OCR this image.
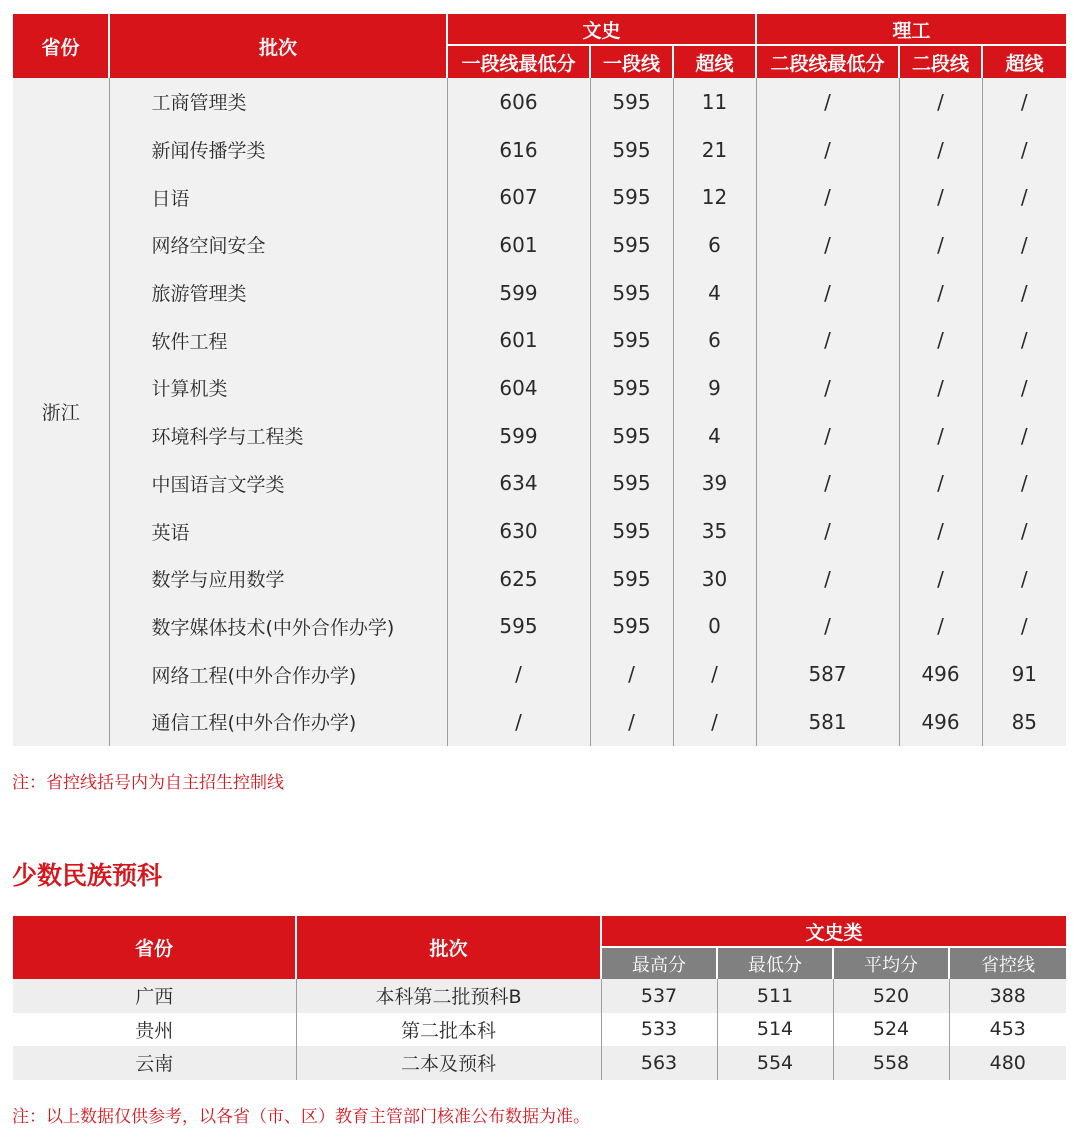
省份	批次	文史			理工		
		一段线最低分	一段线	超线	二段线最低分	二段线	超线
浙江	工商管理类	606	595	11	/	/	/
	新闻传播学类	616	595	21	/	/	/
	日语	607	595	12	/	/	/
	网络空间安全	601	595	6	/	/	/
	旅游管理类	599	595	4	/	/	/
	软件工程	601	595	6	/	/	/
	计算机类	604	595	9	/	/	/
	环境科学与工程类	599	595	4	/	/	/
	中国语言文学类	634	595	39	/	/	/
	英语	630	595	35	/	/	/
	数学与应用数学	625	595	30	/	/	/
	数字媒体技术(中外合作办学)	595	595	0	/	/	/
	网络工程(中外合作办学)	/	/	/	587	496	91
	通信工程(中外合作办学)	/	/	/	581	496	85
注：省控线括号内为自主招生控制线
少数民族预科
省份	批次	文史类			
		最高分	最低分	平均分	省控线
广西	本科第二批预科B	537	511	520	388
贵州	第二批本科	533	514	524	453
云南	二本及预科	563	554	558	480
注：以上数据仅供参考，以各省（市、区）教育主管部门核准公布数据为准。
